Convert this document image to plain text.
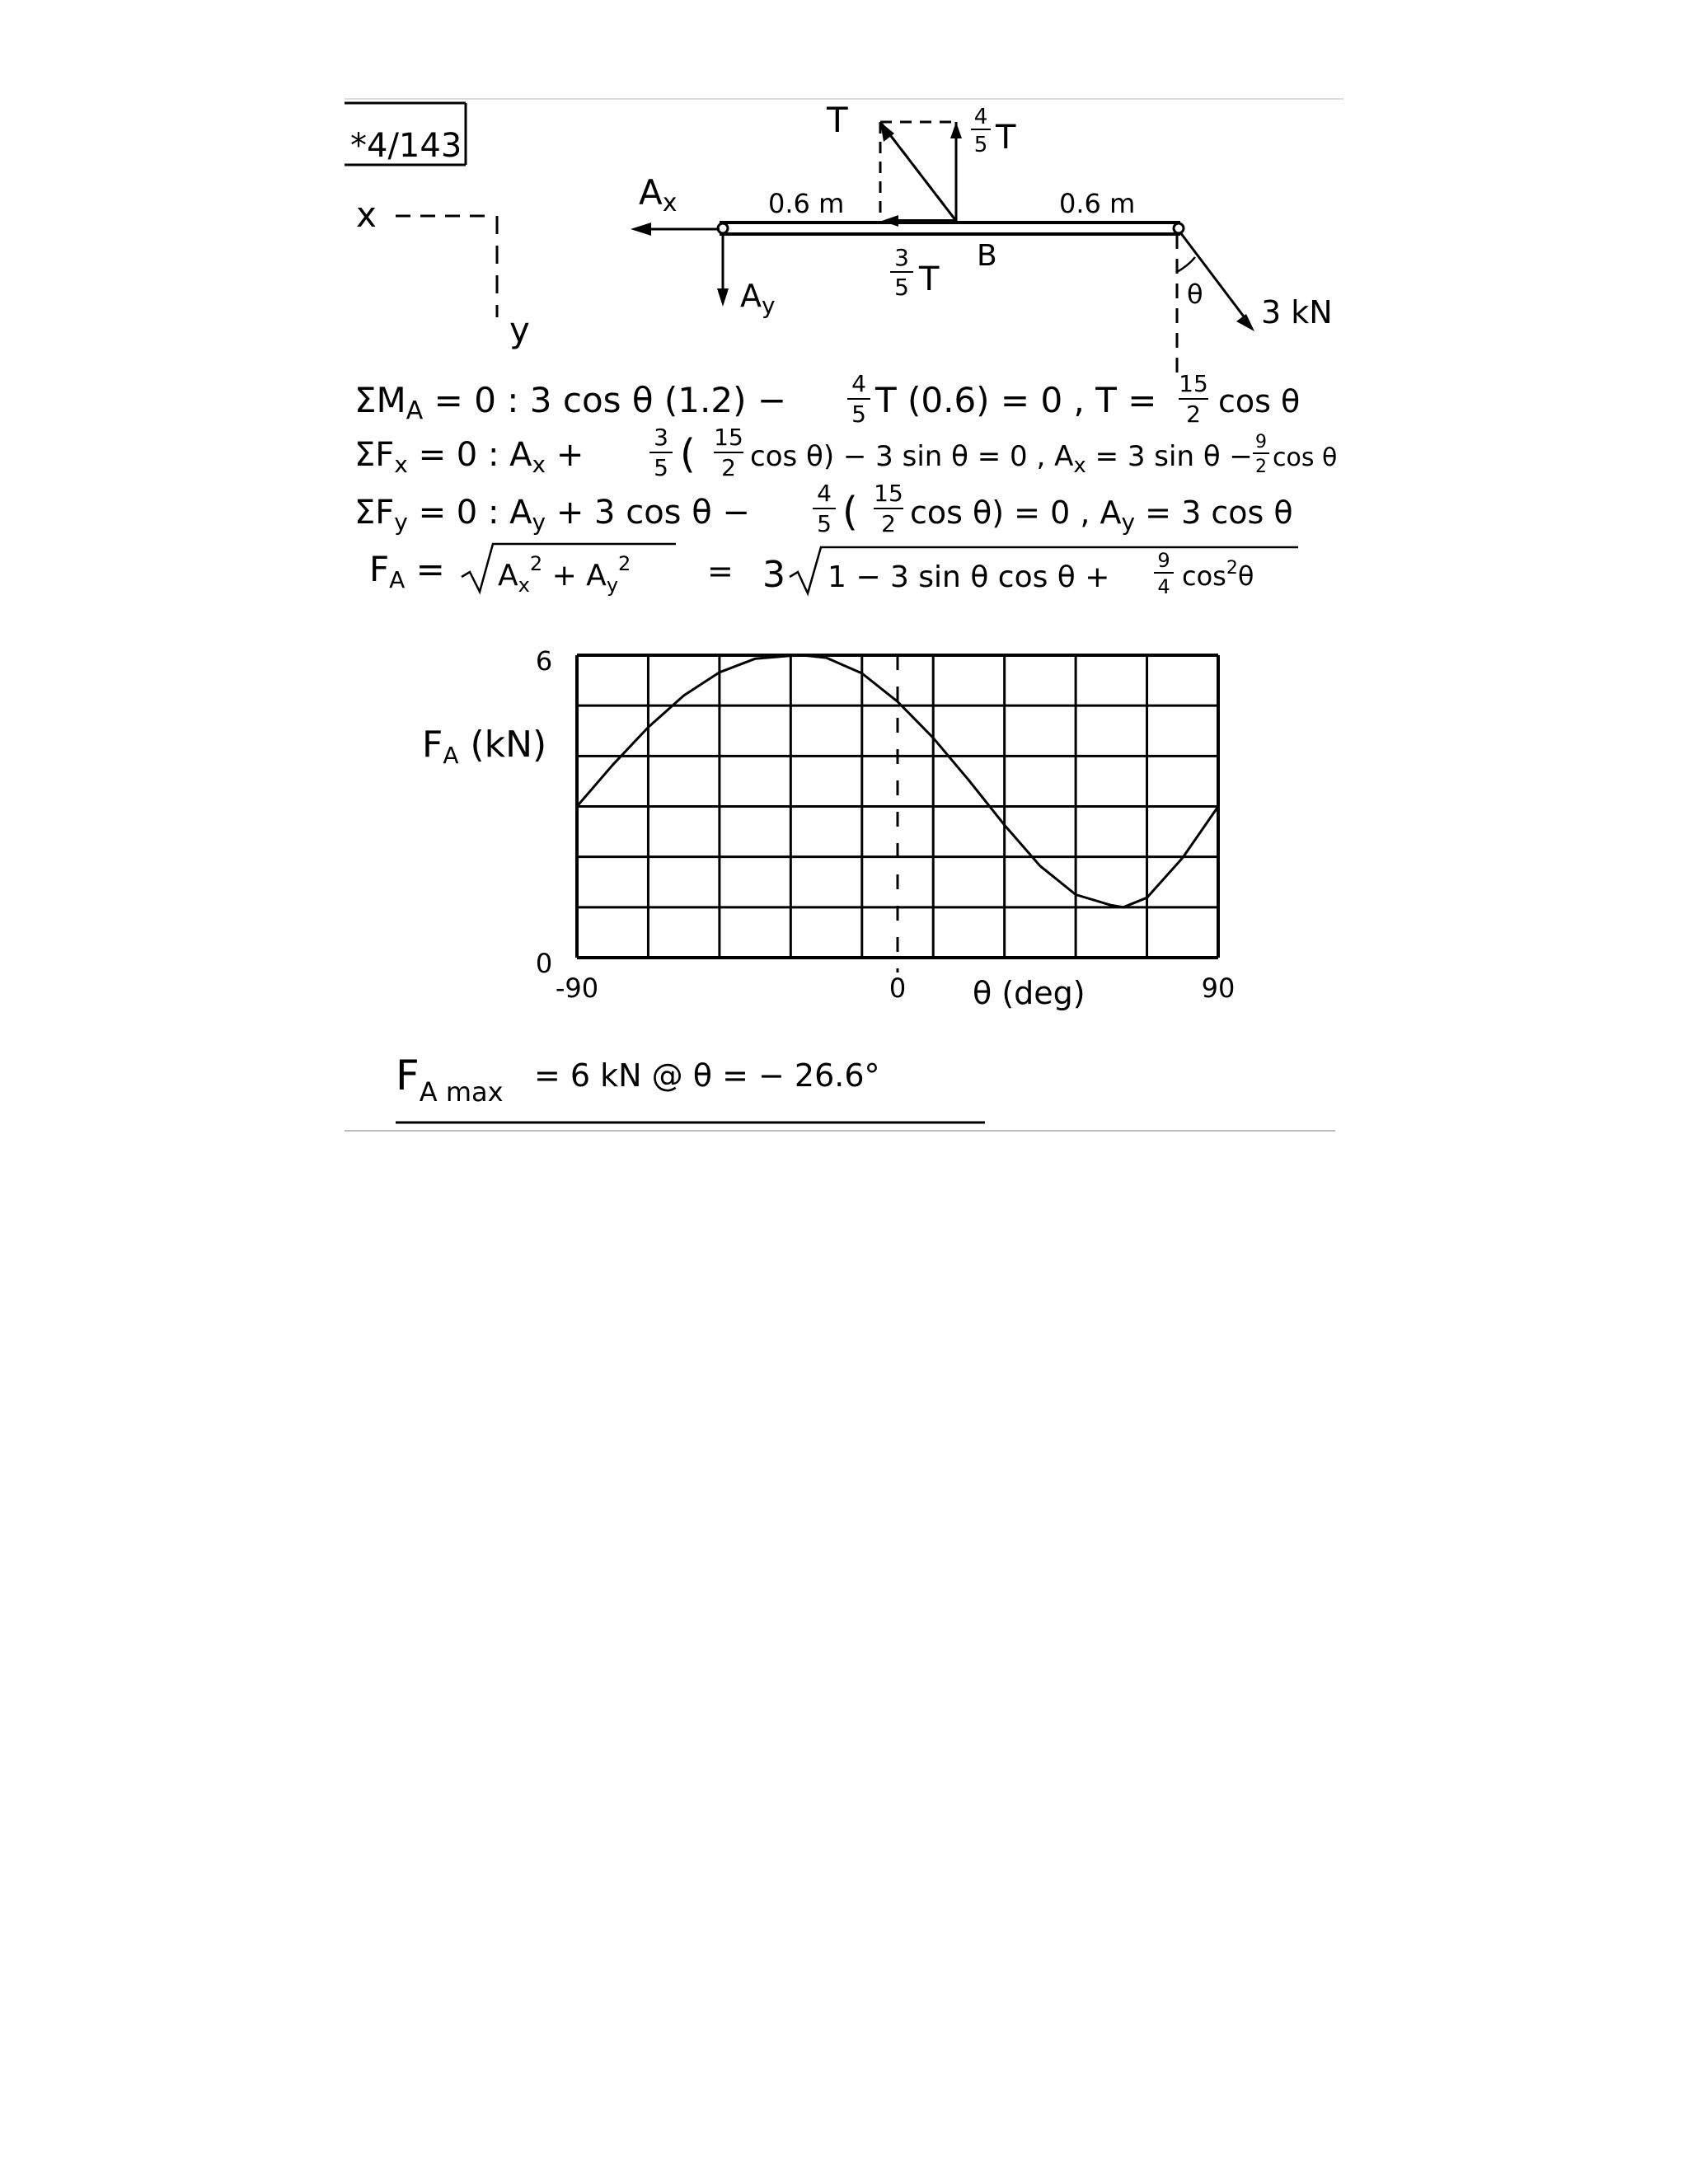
*4/143
x
y
Ax
$A_y$
0.6 m	0.6 m
T	4
5 T
3
5 T
B
θ 3 kN
ΣMA = 0 : 3 cos θ (1.2) −	4
5 T (0.6) = 0 , T = 15
2 cos θ
$\Sigma F_x = 0$ : $A_x$ +	3
5 ( 15
2 cos θ) − 3 sin θ = 0 , $A_x = 3$ sin θ − 9
2 cos θ
$\Sigma F_y = 0$ : $A_y + 3$ cos θ −
4
5 ( 15
2 cos θ) = 0 , $A_y = 3$ cos θ
FA = $A_x^2 + A_y^2 = 3$ 1 − 3 sin θ cos θ + 9
4 $\cos^2\theta$
FA (kN)
θ (deg)
-90	0	90
6
0
$F_{A max} = 6$ kN @ θ = − 26.6°
